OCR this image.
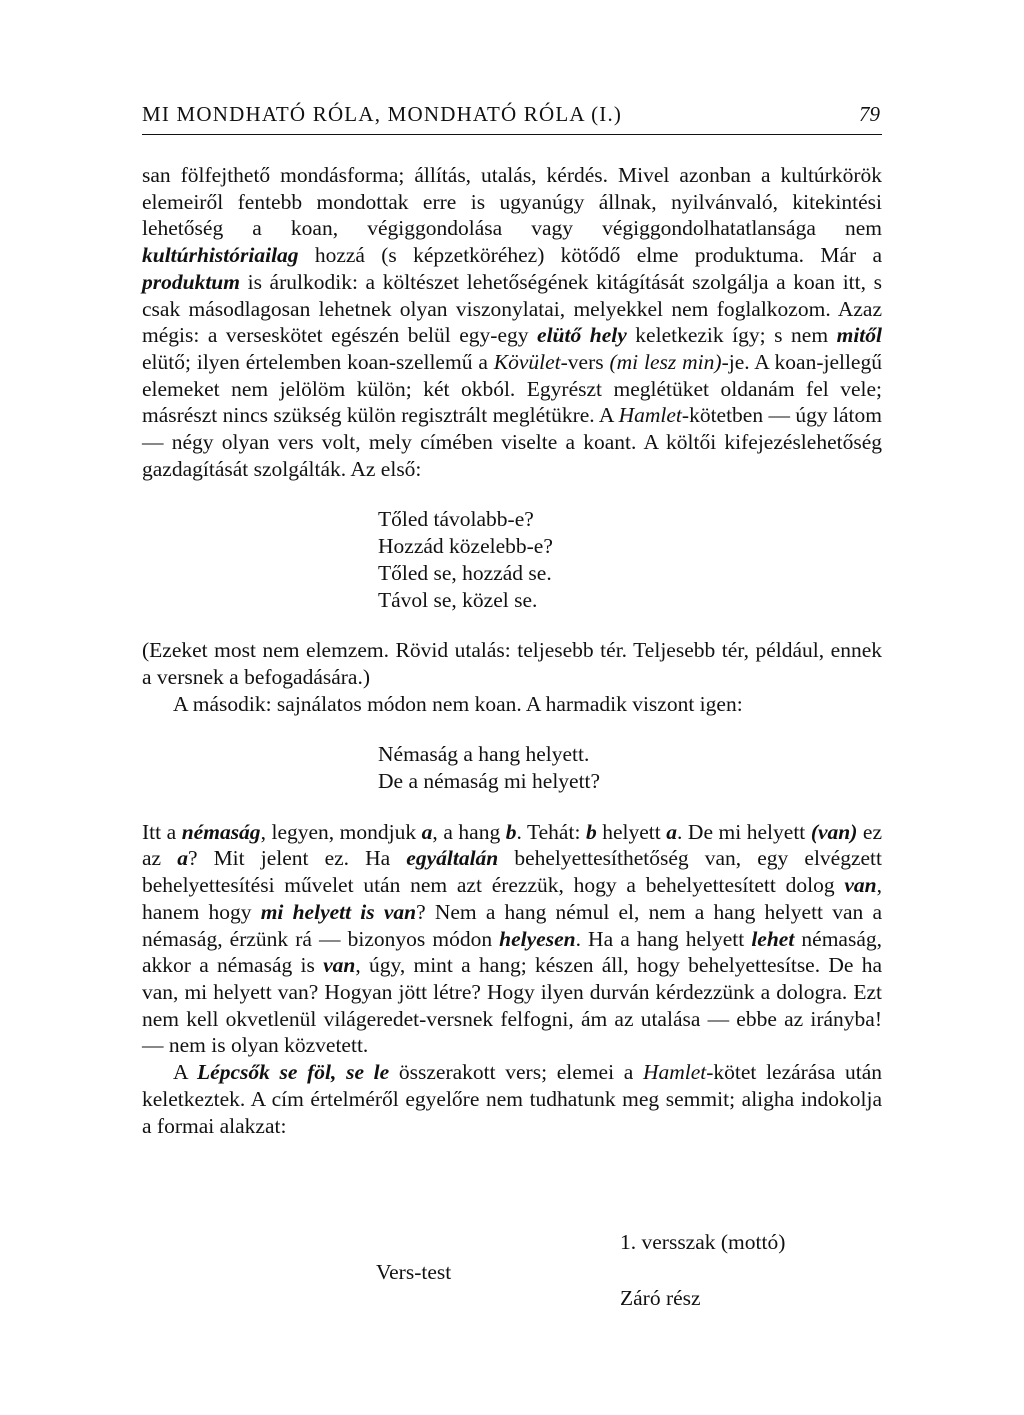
MI MONDHATÓ RÓLA, MONDHATÓ RÓLA (I.)	79

san fölfejthető mondásforma; állítás, utalás, kérdés. Mivel azonban a kultúrkörök elemeiről fentebb mondottak erre is ugyanúgy állnak, nyilvánvaló, kitekintési lehetőség a koan, végiggondolása vagy végiggondolhatatlansága nem kultúrhistóriailag hozzá (s képzetköréhez) kötődő elme produktuma. Már a produktum is árulkodik: a költészet lehetőségének kitágítását szolgálja a koan itt, s csak másodlagosan lehetnek olyan viszonylatai, melyekkel nem foglalkozom. Azaz mégis: a verseskötet egészén belül egy-egy elütő hely keletkezik így; s nem mitől elütő; ilyen értelemben koan-szellemű a Kövület-vers (mi lesz min)-je. A koan-jellegű elemeket nem jelölöm külön; két okból. Egyrészt meglétüket oldanám fel vele; másrészt nincs szükség külön regisztrált meglétükre. A Hamlet-kötetben — úgy látom — négy olyan vers volt, mely címében viselte a koant. A költői kifejezéslehetőség gazdagítását szolgálták. Az első:

Tőled távolabb-e?
Hozzád közelebb-e?
Tőled se, hozzád se.
Távol se, közel se.

(Ezeket most nem elemzem. Rövid utalás: teljesebb tér. Teljesebb tér, például, ennek a versnek a befogadására.)

A második: sajnálatos módon nem koan. A harmadik viszont igen:

Némaság a hang helyett.
De a némaság mi helyett?

Itt a némaság, legyen, mondjuk a, a hang b. Tehát: b helyett a. De mi helyett (van) ez az a? Mit jelent ez. Ha egyáltalán behelyettesíthetőség van, egy elvégzett behelyettesítési művelet után nem azt érezzük, hogy a behelyettesített dolog van, hanem hogy mi helyett is van? Nem a hang némul el, nem a hang helyett van a némaság, érzünk rá — bizonyos módon helyesen. Ha a hang helyett lehet némaság, akkor a némaság is van, úgy, mint a hang; készen áll, hogy behelyettesítse. De ha van, mi helyett van? Hogyan jött létre? Hogy ilyen durván kérdezzünk a dologra. Ezt nem kell okvetlenül világeredet-versnek felfogni, ám az utalása — ebbe az irányba! — nem is olyan közvetett.

A Lépcsők se föl, se le összerakott vers; elemei a Hamlet-kötet lezárása után keletkeztek. A cím értelméről egyelőre nem tudhatunk meg semmit; aligha indokolja a formai alakzat:

Vers-test
1. versszak (mottó)
Záró rész
